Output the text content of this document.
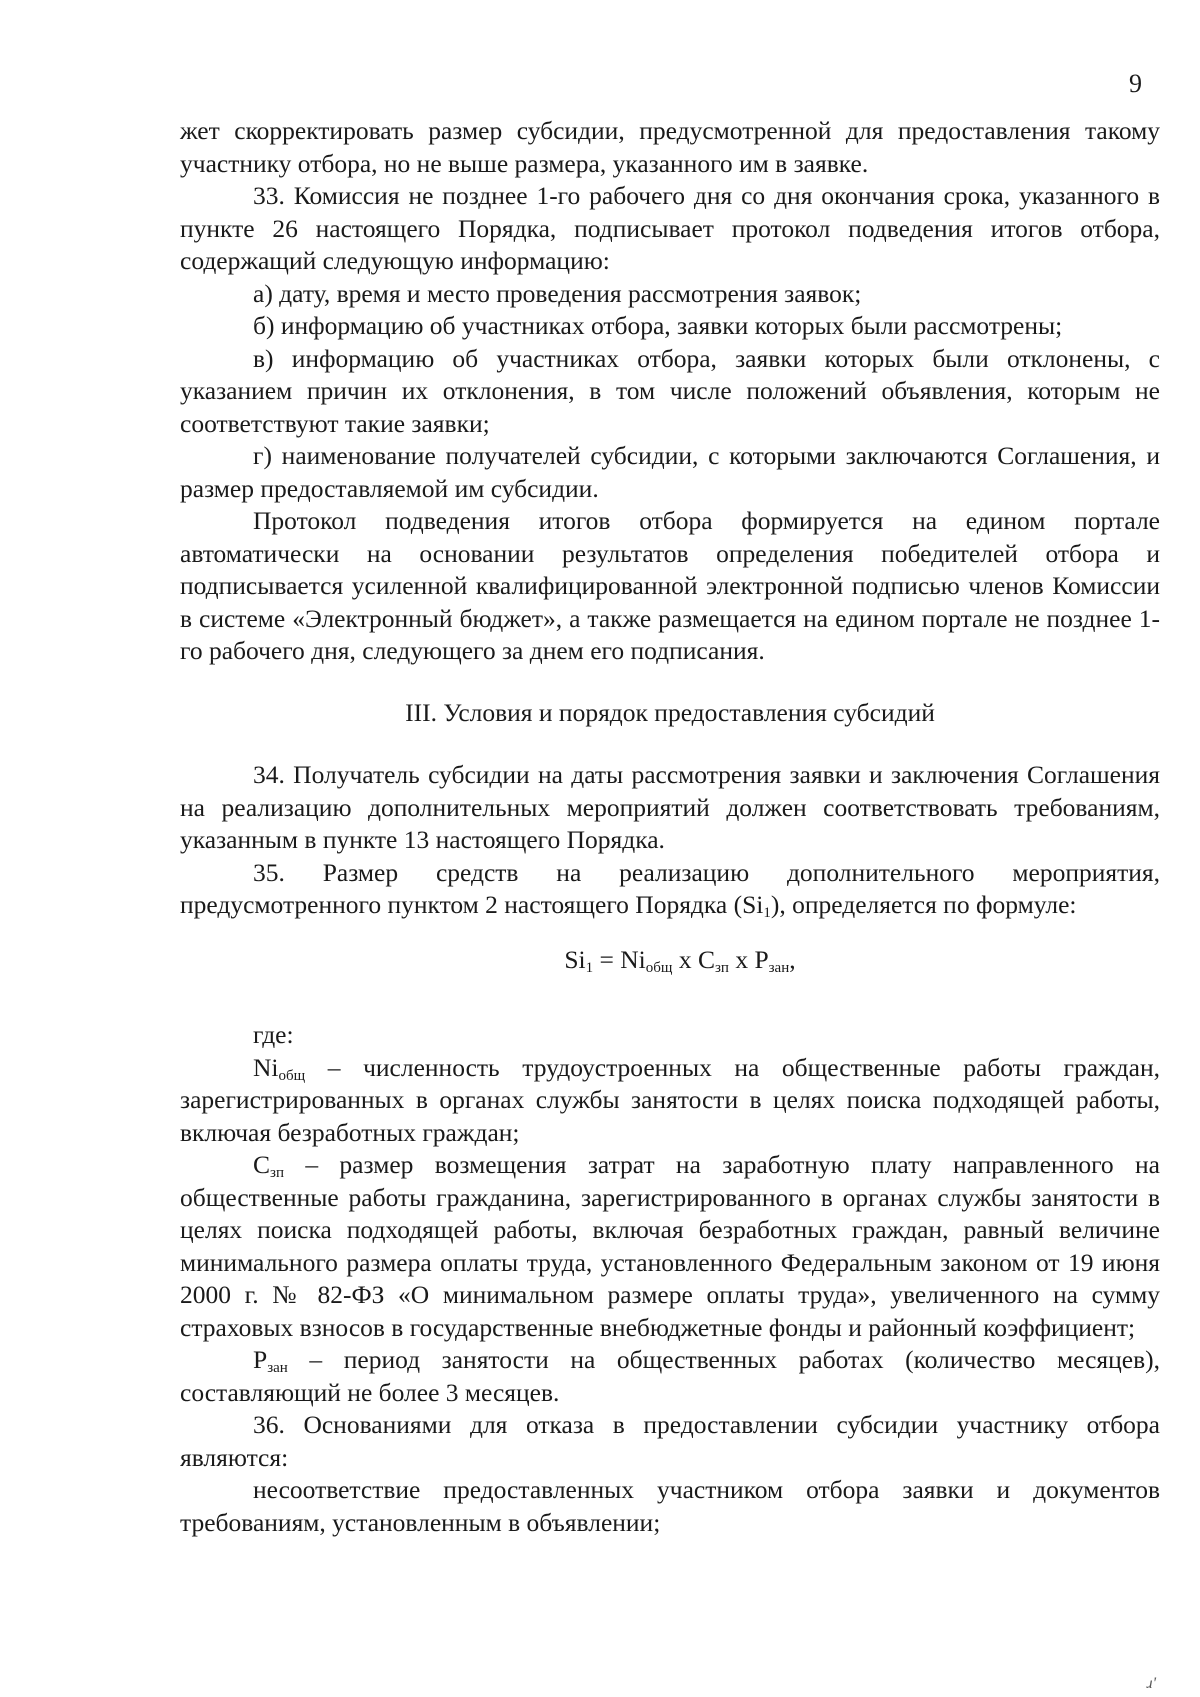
9

жет скорректировать размер субсидии, предусмотренной для предоставления такому участнику отбора, но не выше размера, указанного им в заявке.

33. Комиссия не позднее 1-го рабочего дня со дня окончания срока, указанного в пункте 26 настоящего Порядка, подписывает протокол подведения итогов отбора, содержащий следующую информацию:

а) дату, время и место проведения рассмотрения заявок;

б) информацию об участниках отбора, заявки которых были рассмотрены;

в) информацию об участниках отбора, заявки которых были отклонены, с указанием причин их отклонения, в том числе положений объявления, которым не соответствуют такие заявки;

г) наименование получателей субсидии, с которыми заключаются Соглашения, и размер предоставляемой им субсидии.

Протокол подведения итогов отбора формируется на едином портале автоматически на основании результатов определения победителей отбора и подписывается усиленной квалифицированной электронной подписью членов Комиссии в системе «Электронный бюджет», а также размещается на едином портале не позднее 1-го рабочего дня, следующего за днем его подписания.

III. Условия и порядок предоставления субсидий

34. Получатель субсидии на даты рассмотрения заявки и заключения Соглашения на реализацию дополнительных мероприятий должен соответствовать требованиям, указанным в пункте 13 настоящего Порядка.

35. Размер средств на реализацию дополнительного мероприятия, предусмотренного пунктом 2 настоящего Порядка $(Si_1)$, определяется по формуле:

$Si_1 = Ni_{общ}$ х $С_{зп}$ х $Р_{зан}$,

где:

$Ni_{общ}$ – численность трудоустроенных на общественные работы граждан, зарегистрированных в органах службы занятости в целях поиска подходящей работы, включая безработных граждан;

$С_{зп}$ – размер возмещения затрат на заработную плату направленного на общественные работы гражданина, зарегистрированного в органах службы занятости в целях поиска подходящей работы, включая безработных граждан, равный величине минимального размера оплаты труда, установленного Федеральным законом от 19 июня 2000 г. № 82-ФЗ «О минимальном размере оплаты труда», увеличенного на сумму страховых взносов в государственные внебюджетные фонды и районный коэффициент;

$Р_{зан}$ – период занятости на общественных работах (количество месяцев), составляющий не более 3 месяцев.

36. Основаниями для отказа в предоставлении субсидии участнику отбора являются:

несоответствие предоставленных участником отбора заявки и документов требованиям, установленным в объявлении;

ɹ'
